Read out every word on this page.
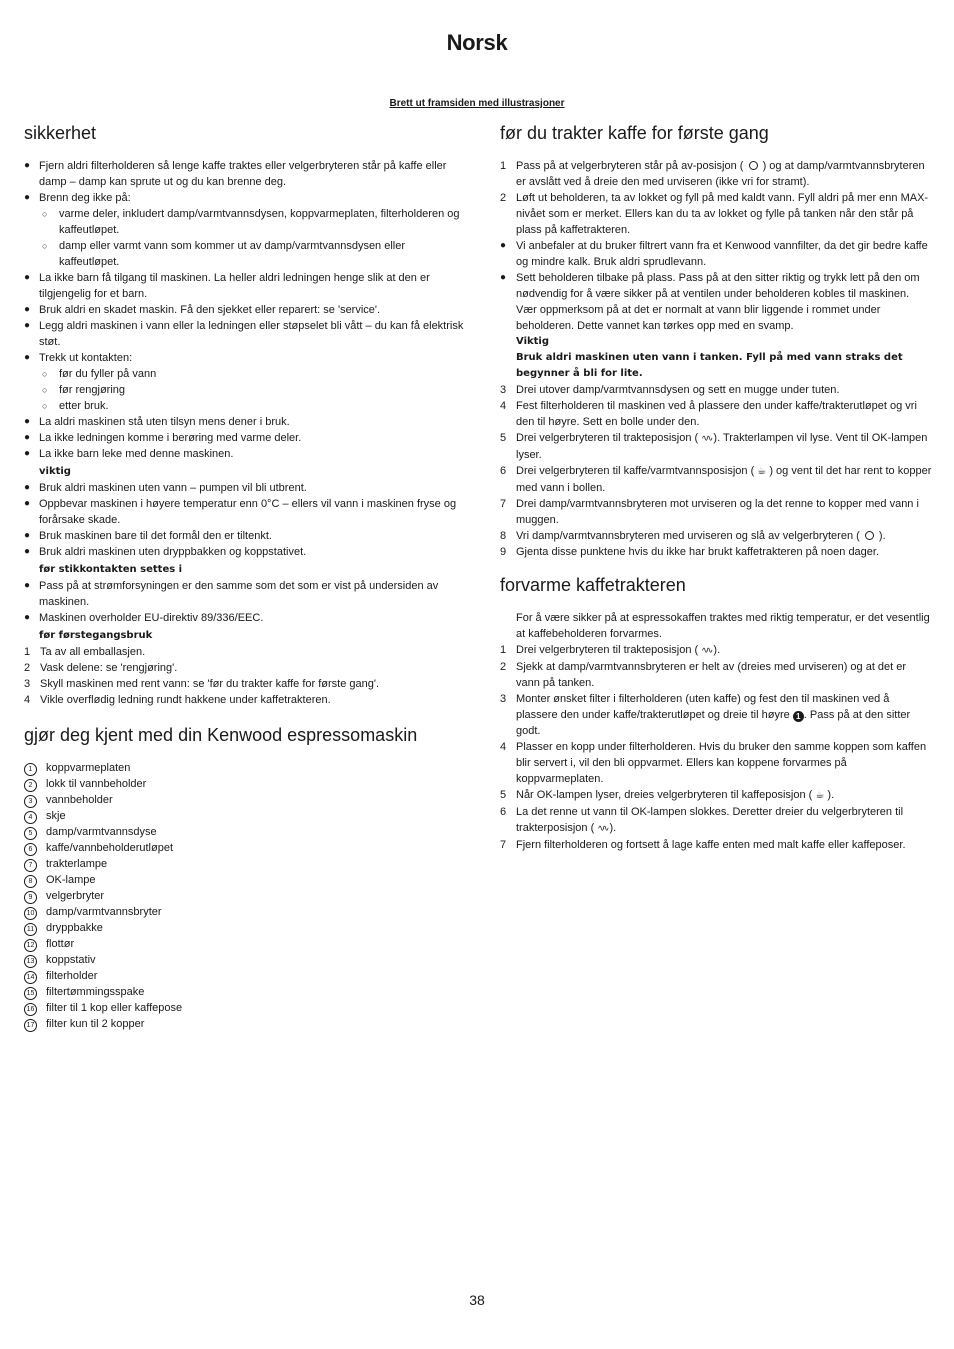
Norsk
Brett ut framsiden med illustrasjoner
sikkerhet
● Fjern aldri filterholderen så lenge kaffe traktes eller velgerbryteren står på kaffe eller damp – damp kan sprute ut og du kan brenne deg.
● Brenn deg ikke på:
○	varme deler, inkludert damp/varmtvannsdysen, koppvarmeplaten, filterholderen og kaffeutløpet.
○	damp eller varmt vann som kommer ut av damp/varmtvannsdysen eller kaffeutløpet.
● La ikke barn få tilgang til maskinen. La heller aldri ledningen henge slik at den er tilgjengelig for et barn.
● Bruk aldri en skadet maskin. Få den sjekket eller reparert: se 'service'.
● Legg aldri maskinen i vann eller la ledningen eller støpselet bli vått – du kan få elektrisk støt.
● Trekk ut kontakten:
○	før du fyller på vann
○	før rengjøring
○	etter bruk.
● La aldri maskinen stå uten tilsyn mens dener i bruk.
● La ikke ledningen komme i berøring med varme deler.
● La ikke barn leke med denne maskinen.
viktig
● Bruk aldri maskinen uten vann – pumpen vil bli utbrent.
● Oppbevar maskinen i høyere temperatur enn 0°C – ellers vil vann i maskinen fryse og forårsake skade.
● Bruk maskinen bare til det formål den er tiltenkt.
● Bruk aldri maskinen uten dryppbakken og koppstativet.
før stikkontakten settes i
● Pass på at strømforsyningen er den samme som det som er vist på undersiden av maskinen.
● Maskinen overholder EU-direktiv 89/336/EEC.
før førstegangsbruk
1 Ta av all emballasjen.
2 Vask delene: se 'rengjøring'.
3 Skyll maskinen med rent vann: se 'før du trakter kaffe for første gang'.
4 Vikle overflødig ledning rundt hakkene under kaffetrakteren.
gjør deg kjent med din Kenwood espressomaskin
1	koppvarmeplaten
2	lokk til vannbeholder
3	vannbeholder
4	skje
5	damp/varmtvannsdyse
6	kaffe/vannbeholderutløpet
7	trakterlampe
8	OK-lampe
9	velgerbryter
10	damp/varmtvannsbryter
11	dryppbakke
12	flottør
13	koppstativ
14	filterholder
15	filtertømmingsspake
16	filter til 1 kop eller kaffepose
17	filter kun til 2 kopper
før du trakter kaffe for første gang
1 Pass på at velgerbryteren står på av-posisjon (  ) og at damp/varmtvannsbryteren er avslått ved å dreie den med urviseren (ikke vri for stramt).
2 Løft ut beholderen, ta av lokket og fyll på med kaldt vann. Fyll aldri på mer enn MAX-nivået som er merket. Ellers kan du ta av lokket og fylle på tanken når den står på plass på kaffetrakteren.
● Vi anbefaler at du bruker filtrert vann fra et Kenwood vannfilter, da det gir bedre kaffe og mindre kalk. Bruk aldri sprudlevann.
● Sett beholderen tilbake på plass. Pass på at den sitter riktig og trykk lett på den om nødvendig for å være sikker på at ventilen under beholderen kobles til maskinen.
Vær oppmerksom på at det er normalt at vann blir liggende i rommet under beholderen. Dette vannet kan tørkes opp med en svamp.
Viktig
Bruk aldri maskinen uten vann i tanken. Fyll på med vann straks det begynner å bli for lite.
3 Drei utover damp/varmtvannsdysen og sett en mugge under tuten.
4 Fest filterholderen til maskinen ved å plassere den under kaffe/trakterutløpet og vri den til høyre. Sett en bolle under den.
5 Drei velgerbryteren til trakteposisjon ( ∿∿ ). Trakterlampen vil lyse. Vent til OK-lampen lyser.
6 Drei velgerbryteren til kaffe/varmtvannsposisjon ( ☕ ) og vent til det har rent to kopper med vann i bollen.
7 Drei damp/varmtvannsbryteren mot urviseren og la det renne to kopper med vann i muggen.
8 Vri damp/varmtvannsbryteren med urviseren og slå av velgerbryteren (  ).
9 Gjenta disse punktene hvis du ikke har brukt kaffetrakteren på noen dager.
forvarme kaffetrakteren
For å være sikker på at espressokaffen traktes med riktig temperatur, er det vesentlig at kaffebeholderen forvarmes.
1 Drei velgerbryteren til trakteposisjon ( ∿∿ ).
2 Sjekk at damp/varmtvannsbryteren er helt av (dreies med urviseren) og at det er vann på tanken.
3 Monter ønsket filter i filterholderen (uten kaffe) og fest den til maskinen ved å plassere den under kaffe/trakterutløpet og dreie til høyre 1 . Pass på at den sitter godt.
4 Plasser en kopp under filterholderen. Hvis du bruker den samme koppen som kaffen blir servert i, vil den bli oppvarmet. Ellers kan koppene forvarmes på koppvarmeplaten.
5 Når OK-lampen lyser, dreies velgerbryteren til kaffeposisjon ( ☕ ).
6 La det renne ut vann til OK-lampen slokkes. Deretter dreier du velgerbryteren til trakterposisjon ( ∿∿ ).
7 Fjern filterholderen og fortsett å lage kaffe enten med malt kaffe eller kaffeposer.
38
